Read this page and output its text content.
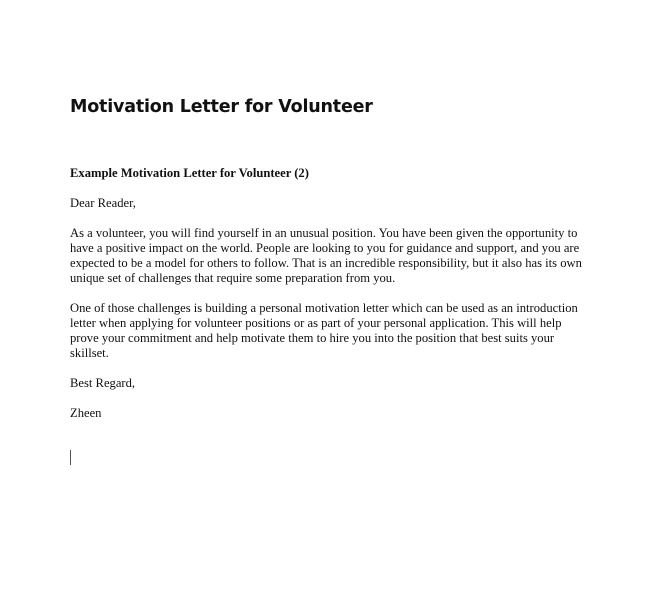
Motivation Letter for Volunteer

Example Motivation Letter for Volunteer (2)

Dear Reader,

As a volunteer, you will find yourself in an unusual position. You have been given the opportunity to have a positive impact on the world. People are looking to you for guidance and support, and you are expected to be a model for others to follow. That is an incredible responsibility, but it also has its own unique set of challenges that require some preparation from you.

One of those challenges is building a personal motivation letter which can be used as an introduction letter when applying for volunteer positions or as part of your personal application. This will help prove your commitment and help motivate them to hire you into the position that best suits your skillset.

Best Regard,

Zheen
